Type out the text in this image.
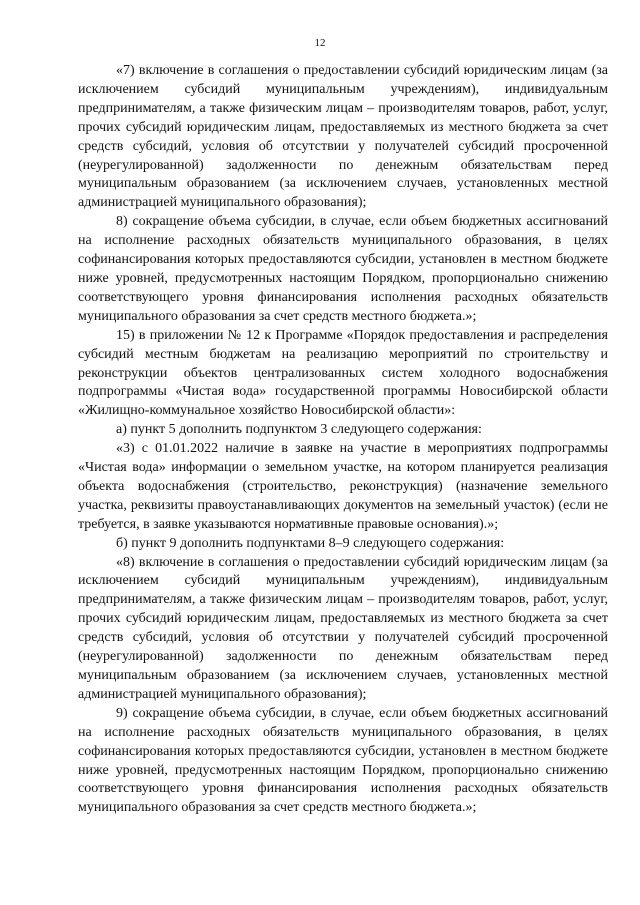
12

«7) включение в соглашения о предоставлении субсидий юридическим лицам (за исключением субсидий муниципальным учреждениям), индивидуальным предпринимателям, а также физическим лицам – производителям товаров, работ, услуг, прочих субсидий юридическим лицам, предоставляемых из местного бюджета за счет средств субсидий, условия об отсутствии у получателей субсидий просроченной (неурегулированной) задолженности по денежным обязательствам перед муниципальным образованием (за исключением случаев, установленных местной администрацией муниципального образования);

8) сокращение объема субсидии, в случае, если объем бюджетных ассигнований на исполнение расходных обязательств муниципального образования, в целях софинансирования которых предоставляются субсидии, установлен в местном бюджете ниже уровней, предусмотренных настоящим Порядком, пропорционально снижению соответствующего уровня финансирования исполнения расходных обязательств муниципального образования за счет средств местного бюджета.»;

15) в приложении № 12 к Программе «Порядок предоставления и распределения субсидий местным бюджетам на реализацию мероприятий по строительству и реконструкции объектов централизованных систем холодного водоснабжения подпрограммы «Чистая вода» государственной программы Новосибирской области «Жилищно-коммунальное хозяйство Новосибирской области»:

а) пункт 5 дополнить подпунктом 3 следующего содержания:

«3) с 01.01.2022 наличие в заявке на участие в мероприятиях подпрограммы «Чистая вода» информации о земельном участке, на котором планируется реализация объекта водоснабжения (строительство, реконструкция) (назначение земельного участка, реквизиты правоустанавливающих документов на земельный участок) (если не требуется, в заявке указываются нормативные правовые основания).»;

б) пункт 9 дополнить подпунктами 8–9 следующего содержания:

«8) включение в соглашения о предоставлении субсидий юридическим лицам (за исключением субсидий муниципальным учреждениям), индивидуальным предпринимателям, а также физическим лицам – производителям товаров, работ, услуг, прочих субсидий юридическим лицам, предоставляемых из местного бюджета за счет средств субсидий, условия об отсутствии у получателей субсидий просроченной (неурегулированной) задолженности по денежным обязательствам перед муниципальным образованием (за исключением случаев, установленных местной администрацией муниципального образования);

9) сокращение объема субсидии, в случае, если объем бюджетных ассигнований на исполнение расходных обязательств муниципального образования, в целях софинансирования которых предоставляются субсидии, установлен в местном бюджете ниже уровней, предусмотренных настоящим Порядком, пропорционально снижению соответствующего уровня финансирования исполнения расходных обязательств муниципального образования за счет средств местного бюджета.»;
